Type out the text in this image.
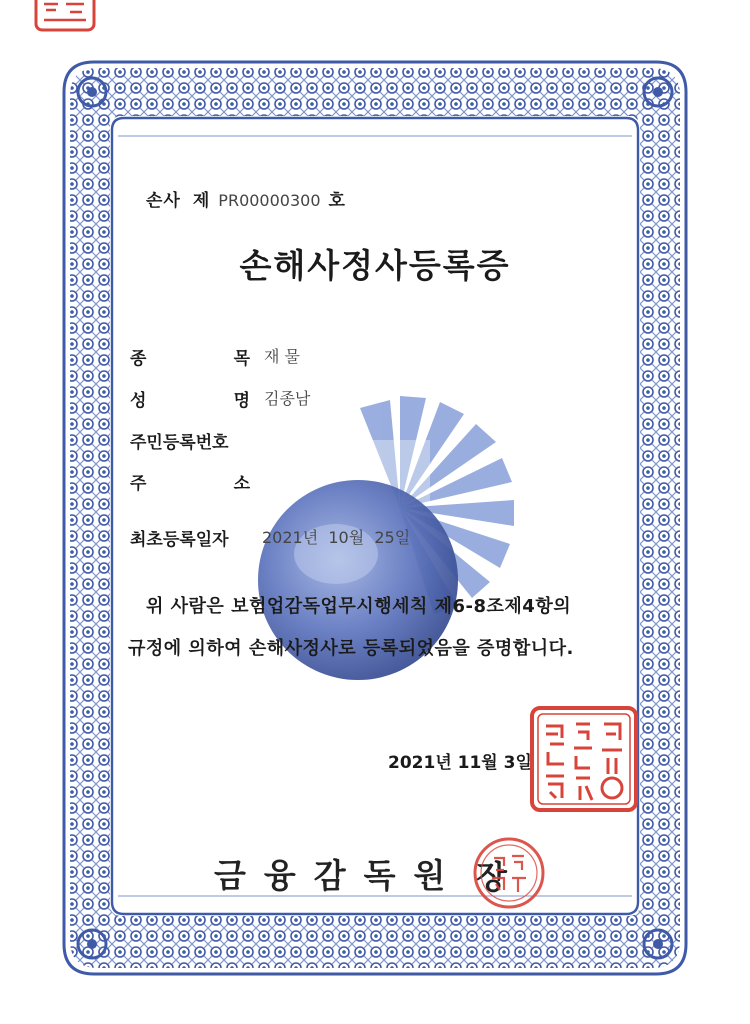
손사 제 PR00000300 호
손해사정사등록증
종	목 재 물
성	명 김종남
주민등록번호
주	소
최초등록일자 2021년  10월  25일
위 사람은 보험업감독업무시행세칙 제6-8조제4항의
규정에 의하여 손해사정사로 등록되었음을 증명합니다.
2021년 11월 3일
금융감독원 장
